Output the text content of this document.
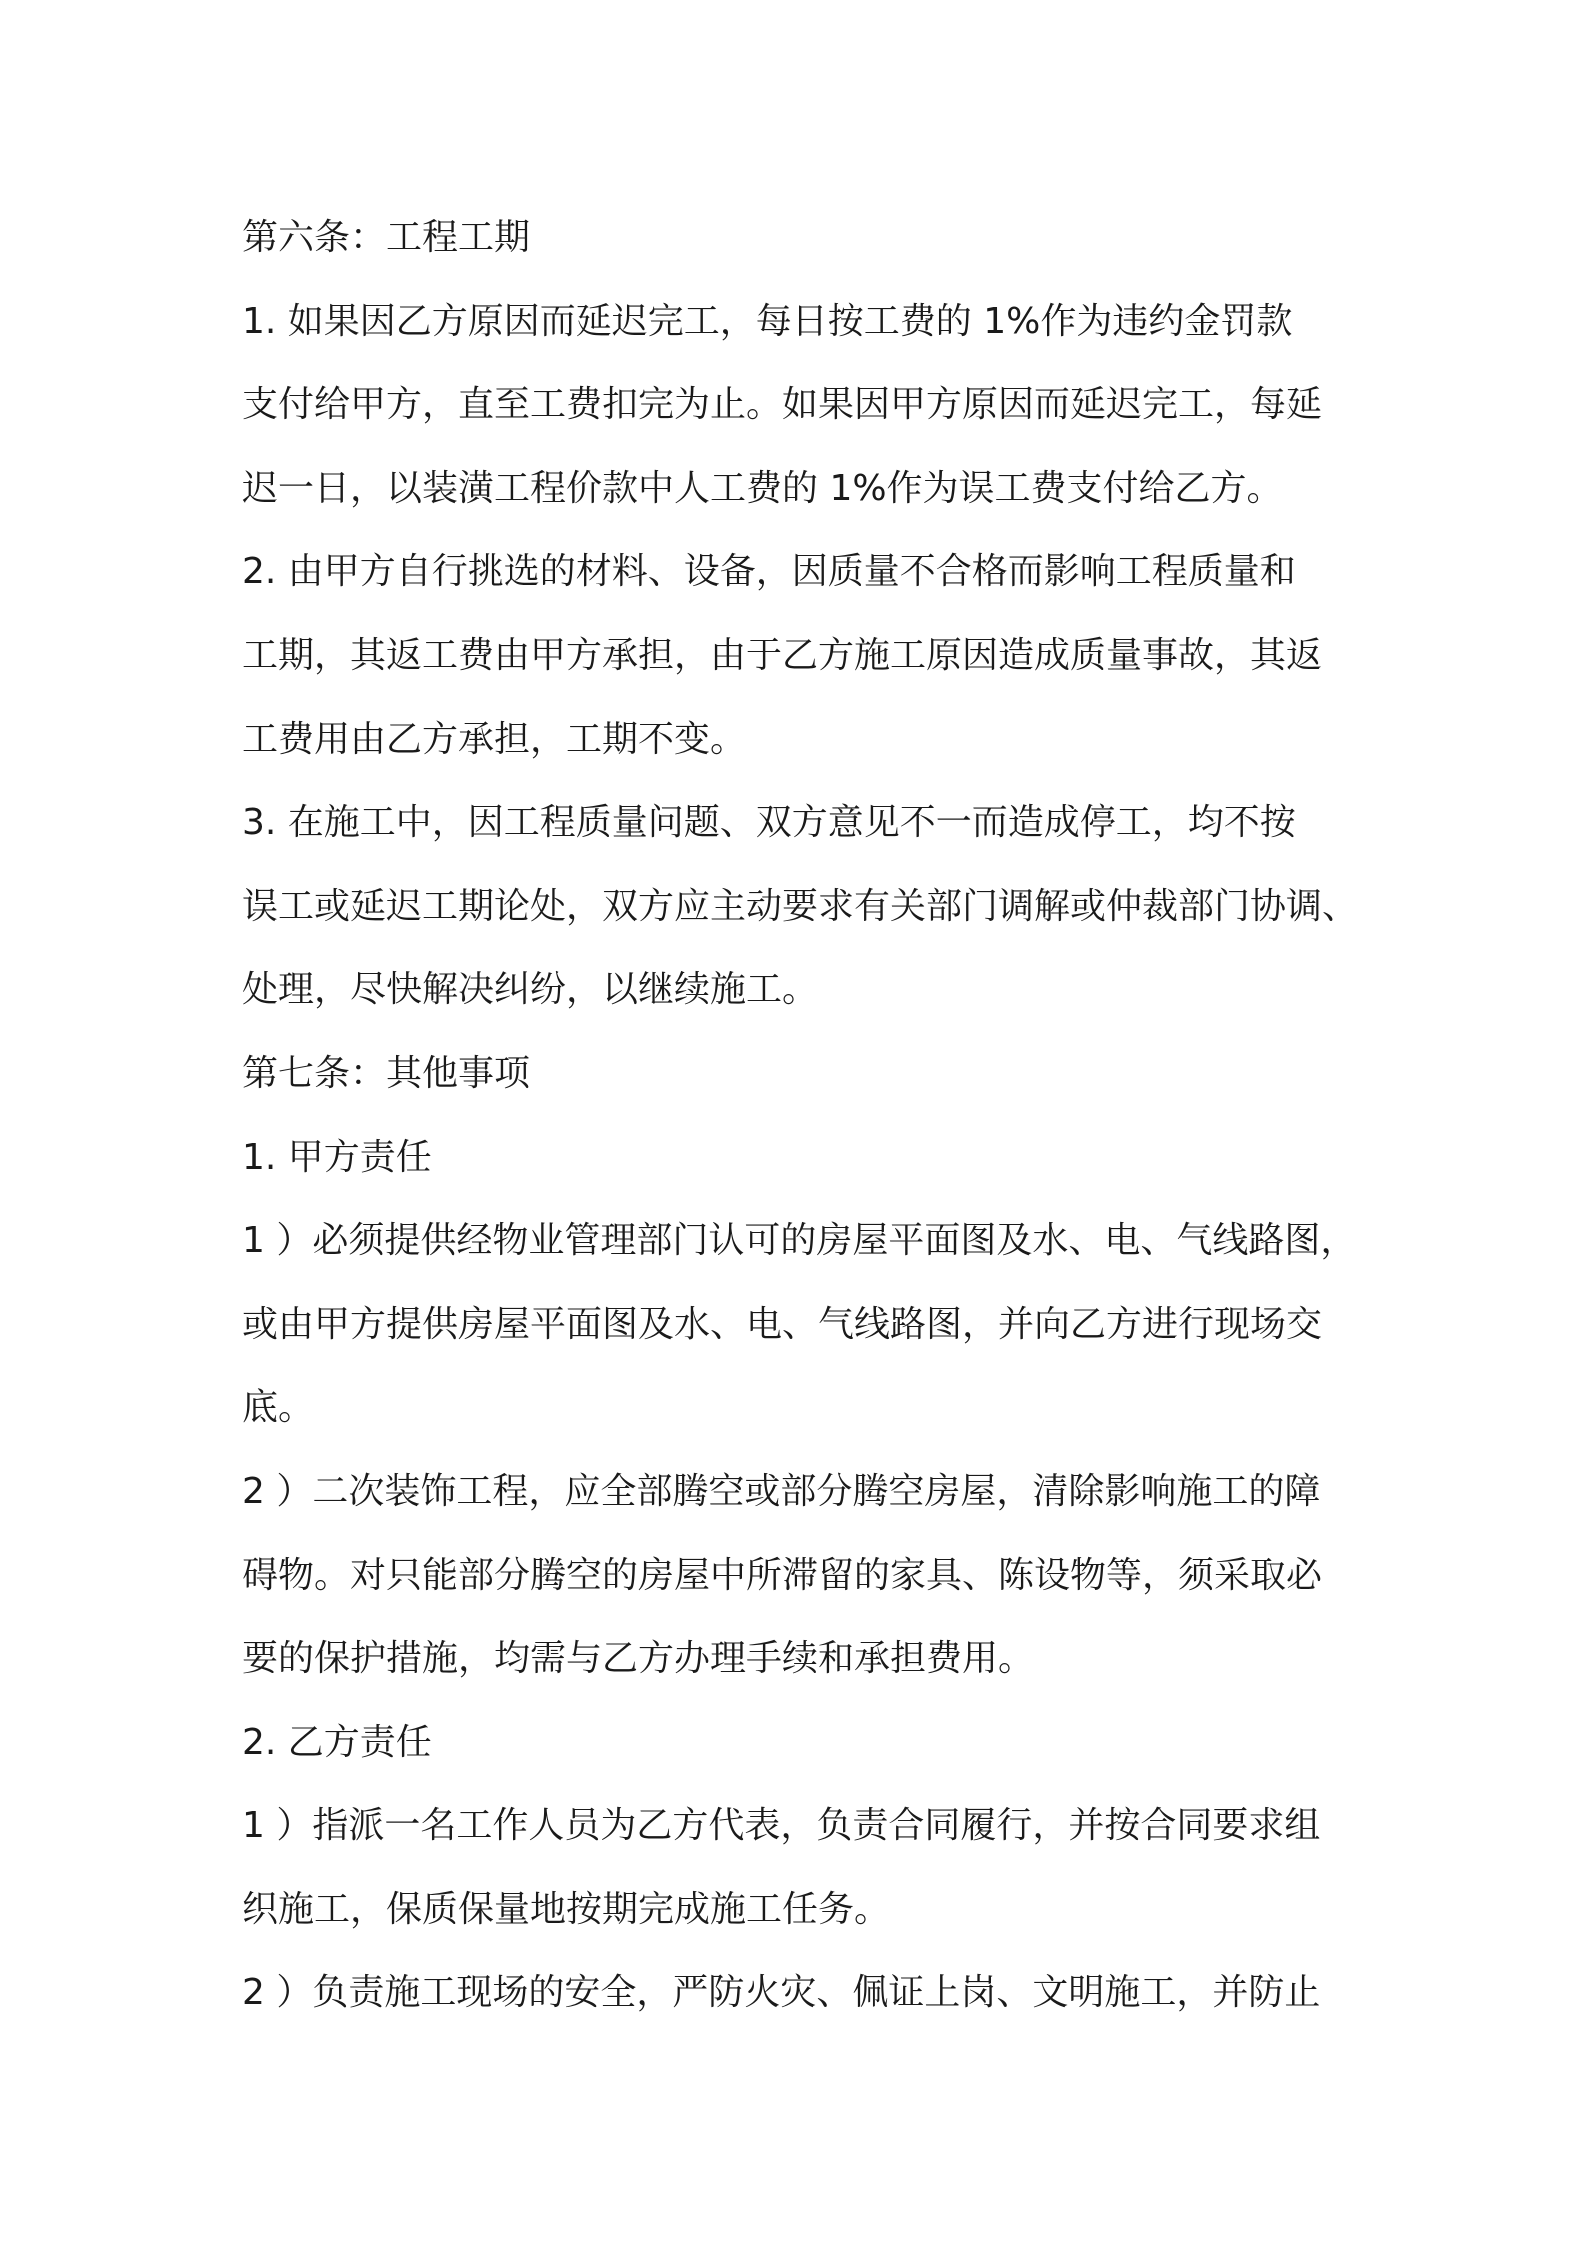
第六条：工程工期
1. 如果因乙方原因而延迟完工，每日按工费的 1%作为违约金罚款
支付给甲方，直至工费扣完为止。如果因甲方原因而延迟完工，每延
迟一日，以装潢工程价款中人工费的 1%作为误工费支付给乙方。
2. 由甲方自行挑选的材料、设备，因质量不合格而影响工程质量和
工期，其返工费由甲方承担，由于乙方施工原因造成质量事故，其返
工费用由乙方承担，工期不变。
3. 在施工中，因工程质量问题、双方意见不一而造成停工，均不按
误工或延迟工期论处，双方应主动要求有关部门调解或仲裁部门协调、
处理，尽快解决纠纷，以继续施工。
第七条：其他事项
1. 甲方责任
1 ）必须提供经物业管理部门认可的房屋平面图及水、电、气线路图，
或由甲方提供房屋平面图及水、电、气线路图，并向乙方进行现场交
底。
2 ）二次装饰工程，应全部腾空或部分腾空房屋，清除影响施工的障
碍物。对只能部分腾空的房屋中所滞留的家具、陈设物等，须采取必
要的保护措施，均需与乙方办理手续和承担费用。
2. 乙方责任
1 ）指派一名工作人员为乙方代表，负责合同履行，并按合同要求组
织施工，保质保量地按期完成施工任务。
2 ）负责施工现场的安全，严防火灾、佩证上岗、文明施工，并防止
